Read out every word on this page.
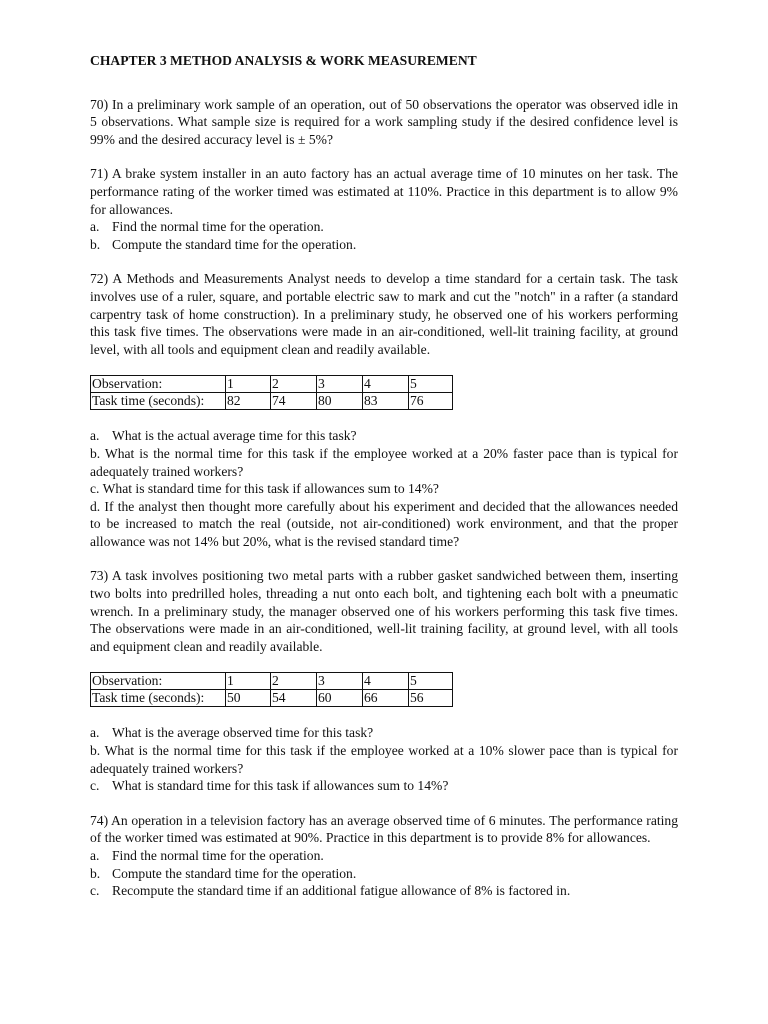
CHAPTER 3 METHOD ANALYSIS & WORK MEASUREMENT

70) In a preliminary work sample of an operation, out of 50 observations the operator was observed idle in 5 observations. What sample size is required for a work sampling study if the desired confidence level is 99% and the desired accuracy level is ± 5%?

71) A brake system installer in an auto factory has an actual average time of 10 minutes on her task. The performance rating of the worker timed was estimated at 110%. Practice in this department is to allow 9% for allowances.

a. Find the normal time for the operation.

b. Compute the standard time for the operation.

72) A Methods and Measurements Analyst needs to develop a time standard for a certain task. The task involves use of a ruler, square, and portable electric saw to mark and cut the "notch" in a rafter (a standard carpentry task of home construction). In a preliminary study, he observed one of his workers performing this task five times. The observations were made in an air-conditioned, well-lit training facility, at ground level, with all tools and equipment clean and readily available.

Observation:	1	2	3	4	5
Task time (seconds):	82	74	80	83	76

a. What is the actual average time for this task?

b. What is the normal time for this task if the employee worked at a 20% faster pace than is typical for adequately trained workers?

c. What is standard time for this task if allowances sum to 14%?

d. If the analyst then thought more carefully about his experiment and decided that the allowances needed to be increased to match the real (outside, not air-conditioned) work environment, and that the proper allowance was not 14% but 20%, what is the revised standard time?

73) A task involves positioning two metal parts with a rubber gasket sandwiched between them, inserting two bolts into predrilled holes, threading a nut onto each bolt, and tightening each bolt with a pneumatic wrench. In a preliminary study, the manager observed one of his workers performing this task five times. The observations were made in an air-conditioned, well-lit training facility, at ground level, with all tools and equipment clean and readily available.

Observation:	1	2	3	4	5
Task time (seconds):	50	54	60	66	56

a. What is the average observed time for this task?

b. What is the normal time for this task if the employee worked at a 10% slower pace than is typical for adequately trained workers?

c. What is standard time for this task if allowances sum to 14%?

74) An operation in a television factory has an average observed time of 6 minutes. The performance rating of the worker timed was estimated at 90%. Practice in this department is to provide 8% for allowances.

a. Find the normal time for the operation.

b. Compute the standard time for the operation.

c. Recompute the standard time if an additional fatigue allowance of 8% is factored in.
